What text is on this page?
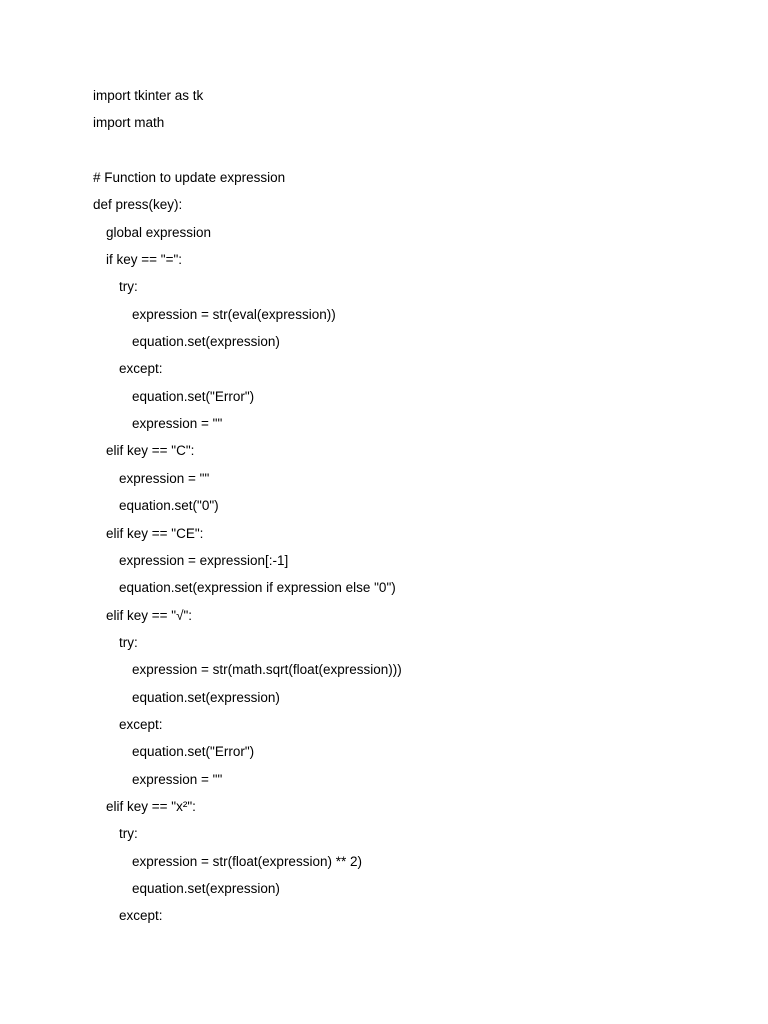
import tkinter as tk
import math
# Function to update expression
def press(key):
global expression
if key == "=":
try:
expression = str(eval(expression))
equation.set(expression)
except:
equation.set("Error")
expression = ""
elif key == "C":
expression = ""
equation.set("0")
elif key == "CE":
expression = expression[:-1]
equation.set(expression if expression else "0")
elif key == "√":
try:
expression = str(math.sqrt(float(expression)))
equation.set(expression)
except:
equation.set("Error")
expression = ""
elif key == "x²":
try:
expression = str(float(expression) ** 2)
equation.set(expression)
except:
